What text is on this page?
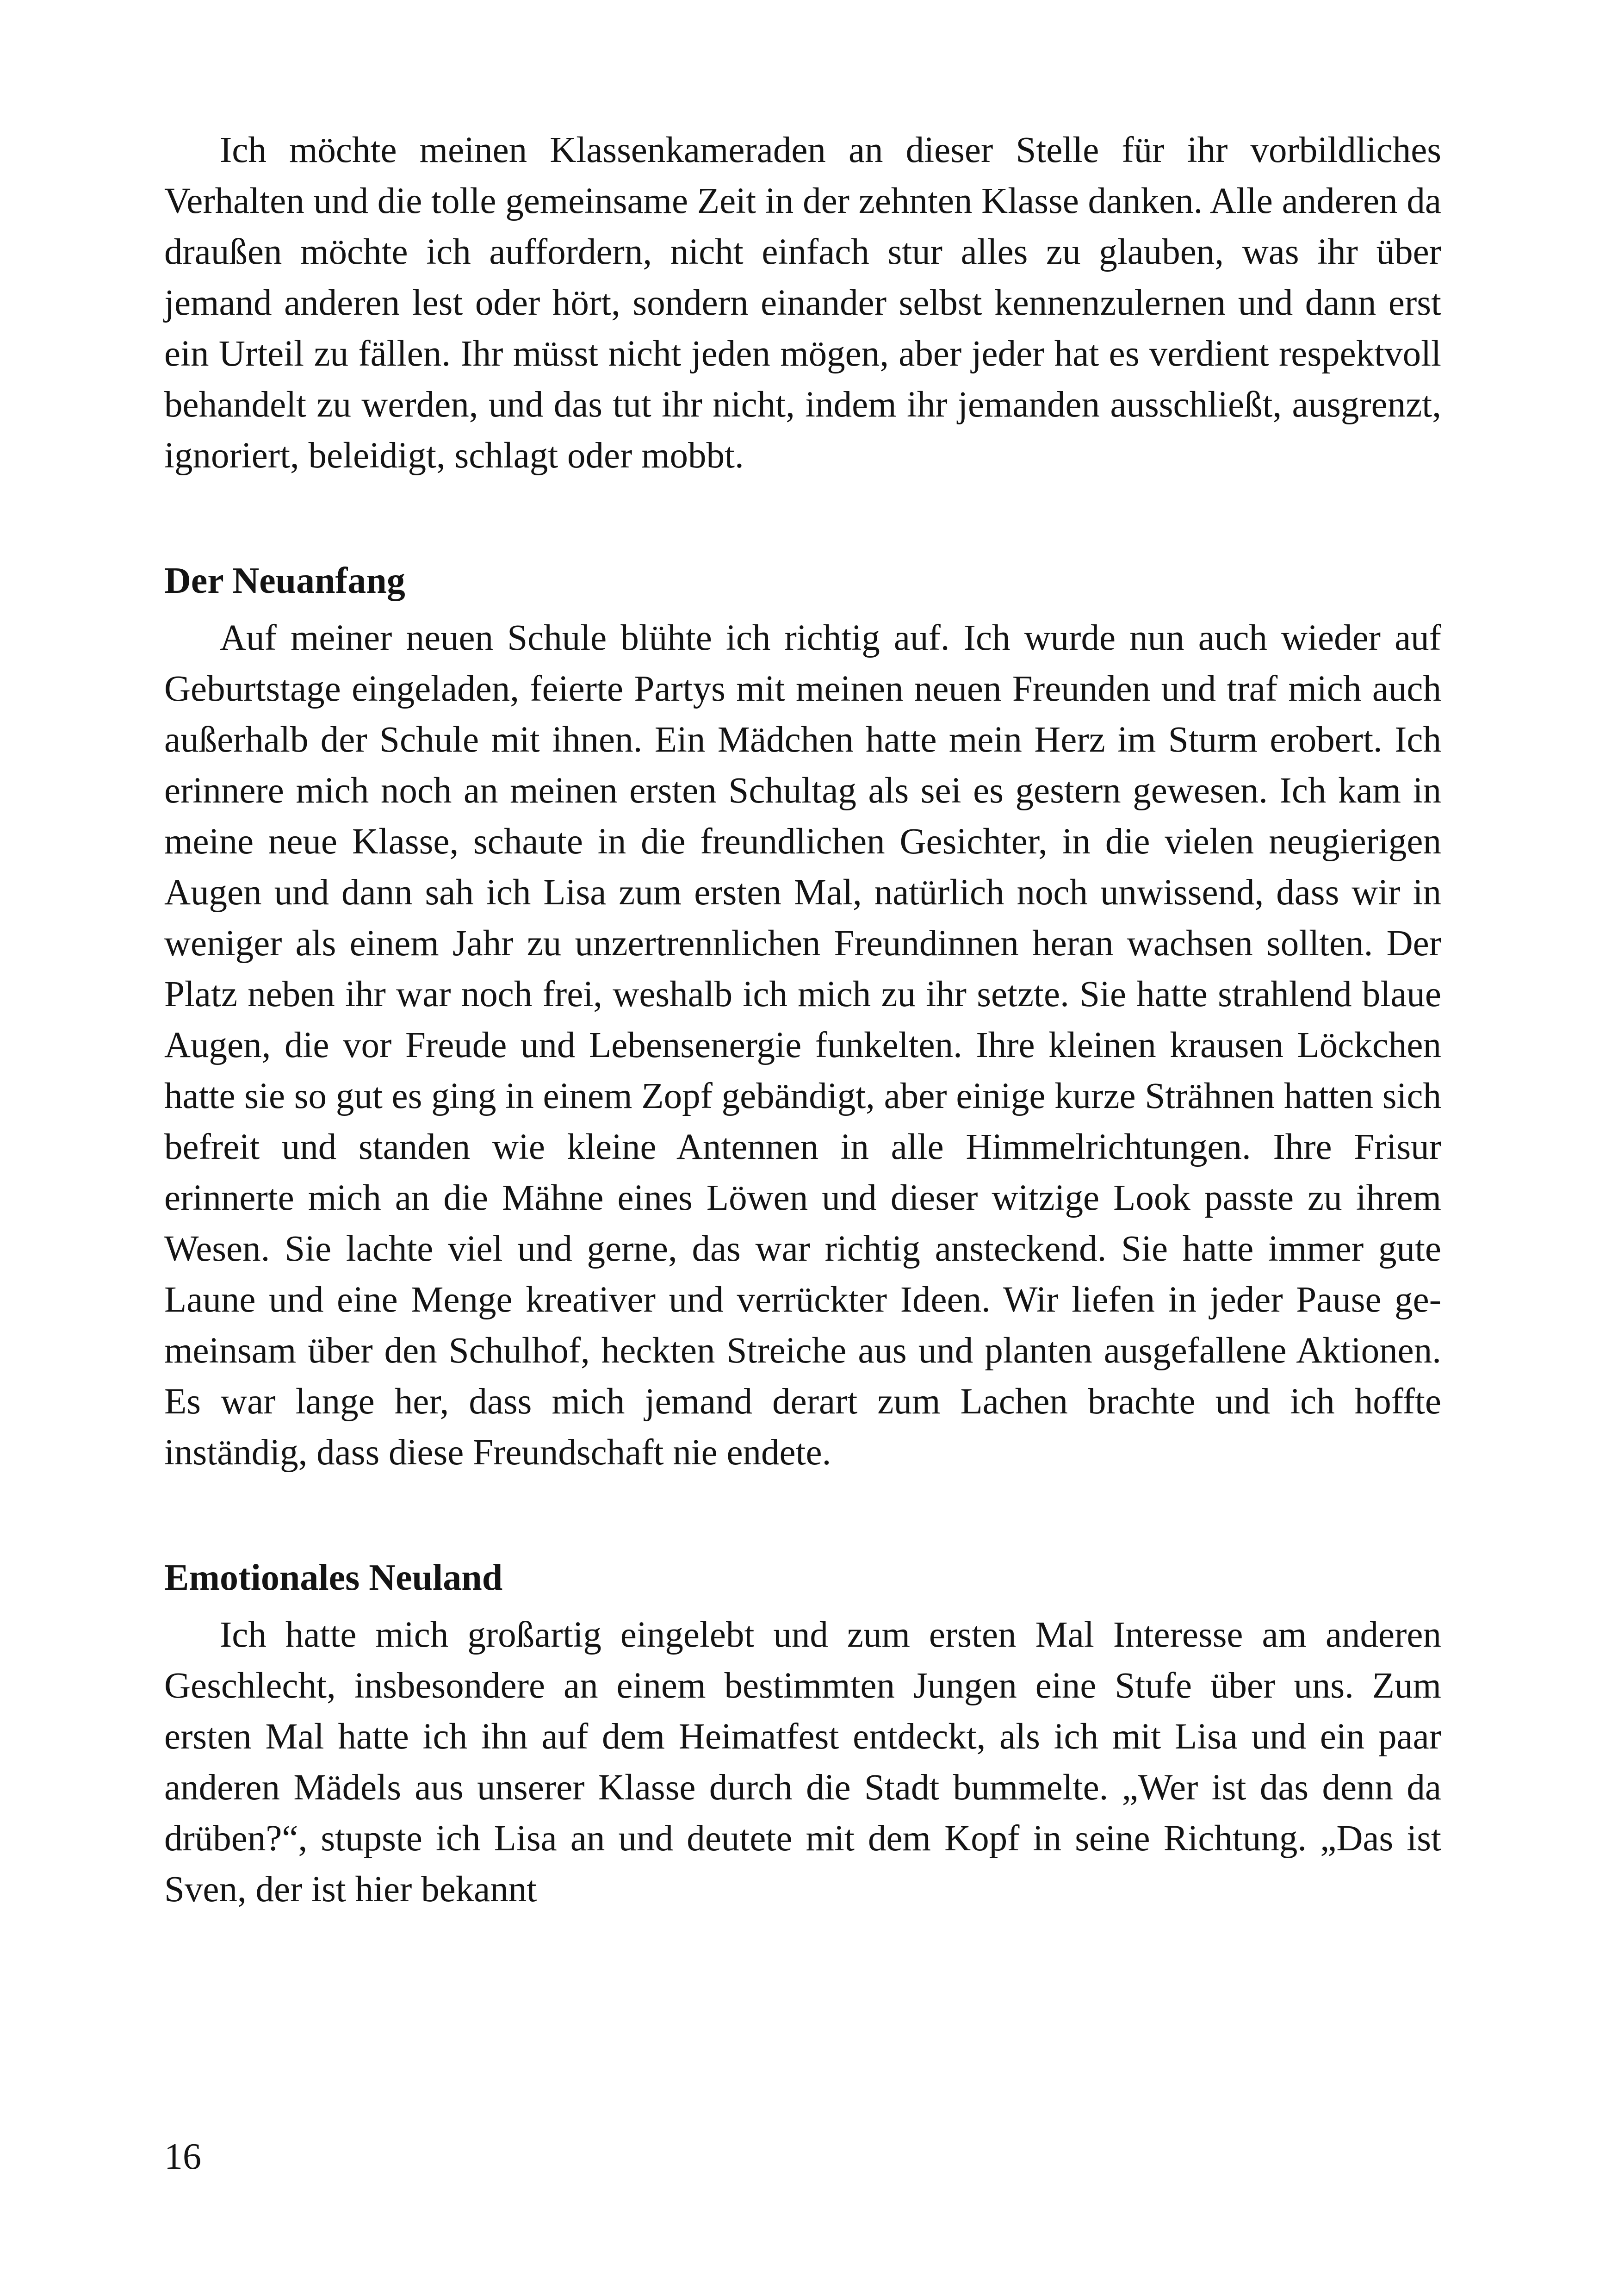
Ich möchte meinen Klassenkameraden an dieser Stelle für ihr vorbildliches Verhalten und die tolle gemeinsame Zeit in der zehnten Klasse danken. Alle anderen da draußen möchte ich auffordern, nicht einfach stur alles zu glauben, was ihr über jemand anderen lest oder hört, sondern einander selbst kennenzulernen und dann erst ein Urteil zu fällen. Ihr müsst nicht jeden mögen, aber jeder hat es verdient respektvoll behandelt zu werden, und das tut ihr nicht, indem ihr jemanden ausschließt, ausgrenzt, ignoriert, beleidigt, schlagt oder mobbt.

Der Neuanfang

Auf meiner neuen Schule blühte ich richtig auf. Ich wurde nun auch wieder auf Geburtstage eingeladen, feierte Partys mit meinen neuen Freunden und traf mich auch außerhalb der Schule mit ihnen. Ein Mädchen hatte mein Herz im Sturm erobert. Ich erinnere mich noch an meinen ersten Schultag als sei es gestern gewesen. Ich kam in meine neue Klasse, schaute in die freundlichen Gesichter, in die vielen neugierigen Augen und dann sah ich Lisa zum ersten Mal, natürlich noch unwissend, dass wir in weniger als einem Jahr zu unzertrennlichen Freundinnen heran wachsen sollten. Der Platz neben ihr war noch frei, weshalb ich mich zu ihr setzte. Sie hatte strahlend blaue Augen, die vor Freude und Lebensenergie funkelten. Ihre kleinen krausen Löckchen hatte sie so gut es ging in einem Zopf gebändigt, aber einige kurze Strähnen hatten sich befreit und standen wie kleine Antennen in alle Himmelrichtungen. Ihre Frisur erinnerte mich an die Mähne eines Löwen und dieser witzige Look passte zu ihrem Wesen. Sie lachte viel und gerne, das war richtig ansteckend. Sie hatte immer gute Laune und eine Menge kreativer und verrückter Ideen. Wir liefen in jeder Pause gemeinsam über den Schulhof, heckten Streiche aus und planten ausgefallene Aktionen. Es war lange her, dass mich jemand derart zum Lachen brachte und ich hoffte inständig, dass diese Freundschaft nie endete.

Emotionales Neuland

Ich hatte mich großartig eingelebt und zum ersten Mal Interesse am anderen Geschlecht, insbesondere an einem bestimmten Jungen eine Stufe über uns. Zum ersten Mal hatte ich ihn auf dem Heimatfest entdeckt, als ich mit Lisa und ein paar anderen Mädels aus unserer Klasse durch die Stadt bummelte. „Wer ist das denn da drüben?“, stupste ich Lisa an und deutete mit dem Kopf in seine Richtung. „Das ist Sven, der ist hier bekannt

16
